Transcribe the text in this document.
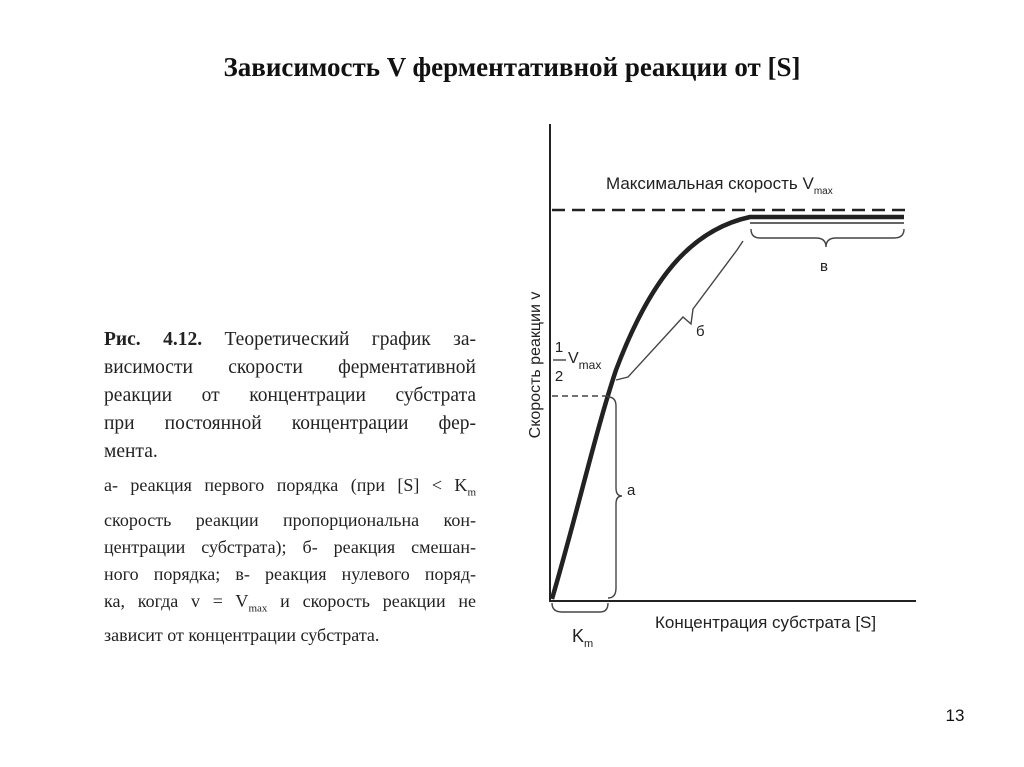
Зависимость V ферментативной реакции от [S]

Рис. 4.12. Теоретический график за-
висимости скорости ферментативной
реакции от концентрации субстрата
при постоянной концентрации фер-
мента.

а- реакция первого порядка (при $[S] < K_m$
скорость реакции пропорциональна кон-
центрации субстрата); б- реакция смешан-
ного порядка; в- реакция нулевого поряд-
ка, когда $v = V_{max}$ и скорость реакции не
зависит от концентрации субстрата.

Скорость реакции v
Максимальная скорость $V_{max}$
1
2
$V_{max}$
а
б
в
$K_m$
Концентрация субстрата [S]
13
